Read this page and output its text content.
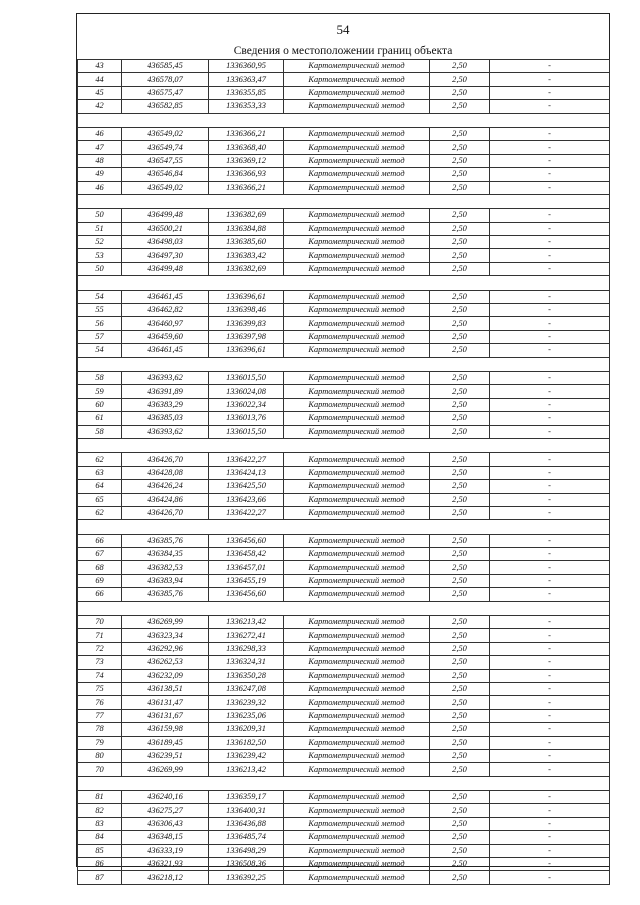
54
Сведения о местоположении границ объекта
43	436585,45	1336360,95	Картометрический метод	2,50	-
44	436578,07	1336363,47	Картометрический метод	2,50	-
45	436575,47	1336355,85	Картометрический метод	2,50	-
42	436582,85	1336353,33	Картометрический метод	2,50	-

46	436549,02	1336366,21	Картометрический метод	2,50	-
47	436549,74	1336368,40	Картометрический метод	2,50	-
48	436547,55	1336369,12	Картометрический метод	2,50	-
49	436546,84	1336366,93	Картометрический метод	2,50	-
46	436549,02	1336366,21	Картометрический метод	2,50	-

50	436499,48	1336382,69	Картометрический метод	2,50	-
51	436500,21	1336384,88	Картометрический метод	2,50	-
52	436498,03	1336385,60	Картометрический метод	2,50	-
53	436497,30	1336383,42	Картометрический метод	2,50	-
50	436499,48	1336382,69	Картометрический метод	2,50	-

54	436461,45	1336396,61	Картометрический метод	2,50	-
55	436462,82	1336398,46	Картометрический метод	2,50	-
56	436460,97	1336399,83	Картометрический метод	2,50	-
57	436459,60	1336397,98	Картометрический метод	2,50	-
54	436461,45	1336396,61	Картометрический метод	2,50	-

58	436393,62	1336015,50	Картометрический метод	2,50	-
59	436391,89	1336024,08	Картометрический метод	2,50	-
60	436383,29	1336022,34	Картометрический метод	2,50	-
61	436385,03	1336013,76	Картометрический метод	2,50	-
58	436393,62	1336015,50	Картометрический метод	2,50	-

62	436426,70	1336422,27	Картометрический метод	2,50	-
63	436428,08	1336424,13	Картометрический метод	2,50	-
64	436426,24	1336425,50	Картометрический метод	2,50	-
65	436424,86	1336423,66	Картометрический метод	2,50	-
62	436426,70	1336422,27	Картометрический метод	2,50	-

66	436385,76	1336456,60	Картометрический метод	2,50	-
67	436384,35	1336458,42	Картометрический метод	2,50	-
68	436382,53	1336457,01	Картометрический метод	2,50	-
69	436383,94	1336455,19	Картометрический метод	2,50	-
66	436385,76	1336456,60	Картометрический метод	2,50	-

70	436269,99	1336213,42	Картометрический метод	2,50	-
71	436323,34	1336272,41	Картометрический метод	2,50	-
72	436292,96	1336298,33	Картометрический метод	2,50	-
73	436262,53	1336324,31	Картометрический метод	2,50	-
74	436232,09	1336350,28	Картометрический метод	2,50	-
75	436138,51	1336247,08	Картометрический метод	2,50	-
76	436131,47	1336239,32	Картометрический метод	2,50	-
77	436131,67	1336235,06	Картометрический метод	2,50	-
78	436159,98	1336209,31	Картометрический метод	2,50	-
79	436189,45	1336182,50	Картометрический метод	2,50	-
80	436239,51	1336239,42	Картометрический метод	2,50	-
70	436269,99	1336213,42	Картометрический метод	2,50	-

81	436240,16	1336359,17	Картометрический метод	2,50	-
82	436275,27	1336400,31	Картометрический метод	2,50	-
83	436306,43	1336436,88	Картометрический метод	2,50	-
84	436348,15	1336485,74	Картометрический метод	2,50	-
85	436333,19	1336498,29	Картометрический метод	2,50	-
86	436321,93	1336508,36	Картометрический метод	2,50	-
87	436218,12	1336392,25	Картометрический метод	2,50	-
